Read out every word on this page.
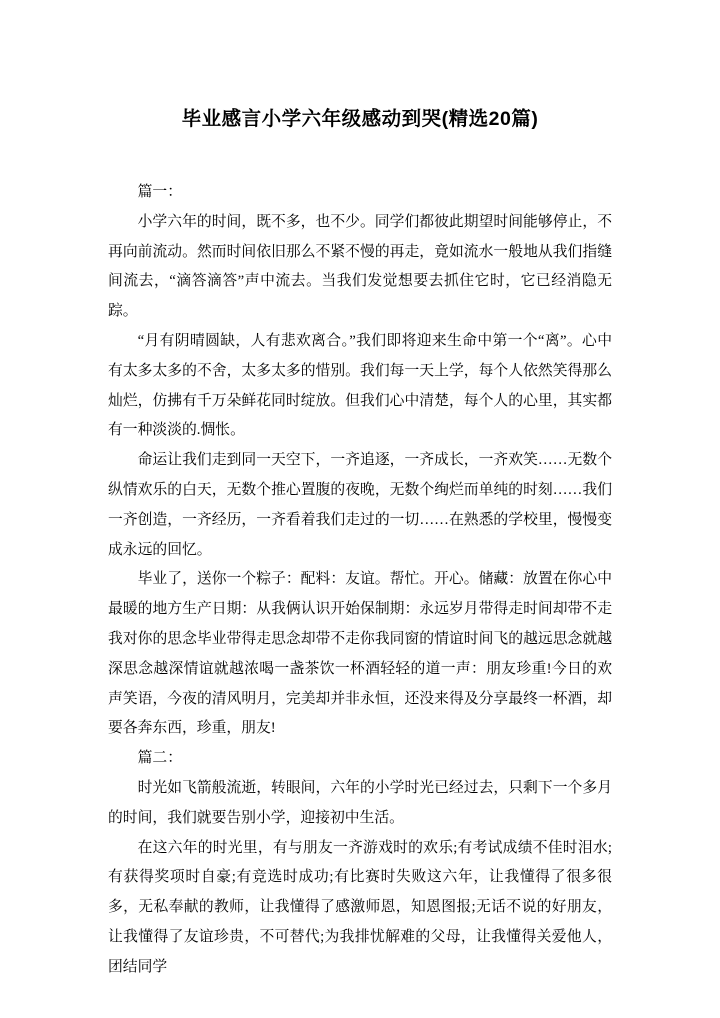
毕业感言小学六年级感动到哭(精选20篇)

篇一：

小学六年的时间，既不多，也不少。同学们都彼此期望时间能够停止，不再向前流动。然而时间依旧那么不紧不慢的再走，竟如流水一般地从我们指缝间流去，“滴答滴答”声中流去。当我们发觉想要去抓住它时，它已经消隐无踪。

“月有阴晴圆缺，人有悲欢离合。”我们即将迎来生命中第一个“离”。心中有太多太多的不舍，太多太多的惜别。我们每一天上学，每个人依然笑得那么灿烂，仿拂有千万朵鲜花同时绽放。但我们心中清楚，每个人的心里，其实都有一种淡淡的.惆怅。

命运让我们走到同一天空下，一齐追逐，一齐成长，一齐欢笑……无数个纵情欢乐的白天，无数个推心置腹的夜晚，无数个绚烂而单纯的时刻……我们一齐创造，一齐经历，一齐看着我们走过的一切……在熟悉的学校里，慢慢变成永远的回忆。

毕业了，送你一个粽子：配料：友谊。帮忙。开心。储藏：放置在你心中最暖的地方生产日期：从我俩认识开始保制期：永远岁月带得走时间却带不走我对你的思念毕业带得走思念却带不走你我同窗的情谊时间飞的越远思念就越深思念越深情谊就越浓喝一盏茶饮一杯酒轻轻的道一声：朋友珍重!今日的欢声笑语，今夜的清风明月，完美却并非永恒，还没来得及分享最终一杯酒，却要各奔东西，珍重，朋友!

篇二：

时光如飞箭般流逝，转眼间，六年的小学时光已经过去，只剩下一个多月的时间，我们就要告别小学，迎接初中生活。

在这六年的时光里，有与朋友一齐游戏时的欢乐;有考试成绩不佳时泪水;有获得奖项时自豪;有竞选时成功;有比赛时失败这六年，让我懂得了很多很多，无私奉献的教师，让我懂得了感激师恩，知恩图报;无话不说的好朋友，让我懂得了友谊珍贵，不可替代;为我排忧解难的父母，让我懂得关爱他人，团结同学
